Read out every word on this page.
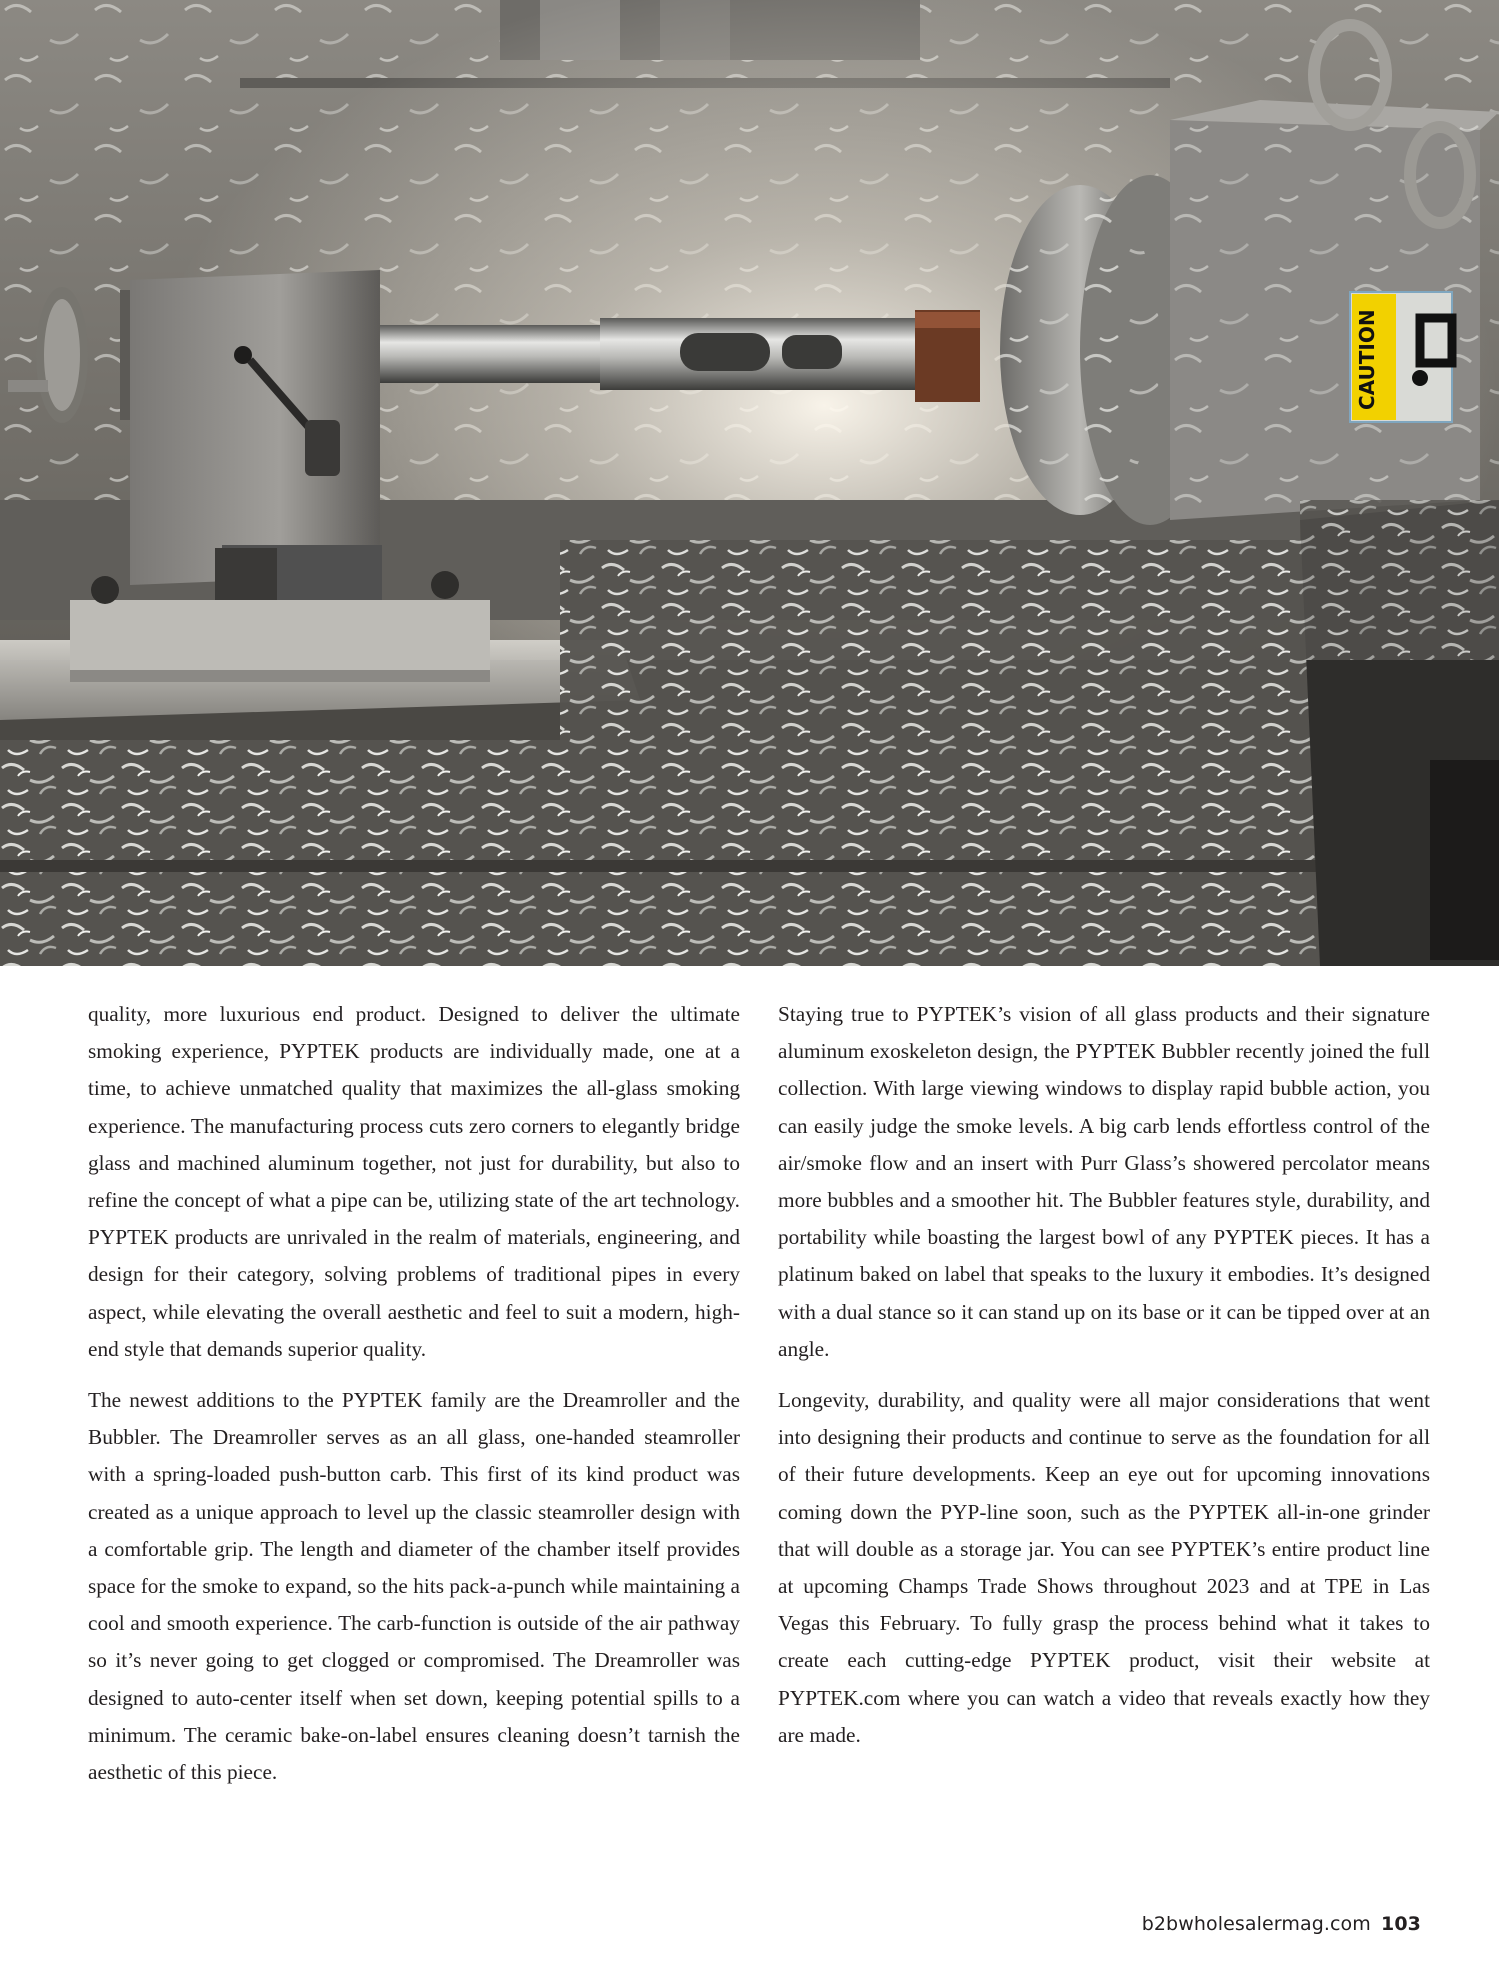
CAUTION

quality, more luxurious end product. Designed to deliver the ultimate smoking experience, PYPTEK products are individually made, one at a time, to achieve unmatched quality that maximizes the all-glass smoking experience. The manufacturing process cuts zero corners to elegantly bridge glass and machined aluminum together, not just for durability, but also to refine the concept of what a pipe can be, utilizing state of the art technology. PYPTEK products are unrivaled in the realm of materials, engineering, and design for their category, solving problems of traditional pipes in every aspect, while elevating the overall aesthetic and feel to suit a modern, high-end style that demands superior quality.

The newest additions to the PYPTEK family are the Dreamroller and the Bubbler. The Dreamroller serves as an all glass, one-handed steamroller with a spring-loaded push-button carb. This first of its kind product was created as a unique approach to level up the classic steamroller design with a comfortable grip. The length and diameter of the chamber itself provides space for the smoke to expand, so the hits pack-a-punch while maintaining a cool and smooth experience. The carb-function is outside of the air pathway so it’s never going to get clogged or compromised. The Dreamroller was designed to auto-center itself when set down, keeping potential spills to a minimum. The ceramic bake-on-label ensures cleaning doesn’t tarnish the aesthetic of this piece.

Staying true to PYPTEK’s vision of all glass products and their signature aluminum exoskeleton design, the PYPTEK Bubbler recently joined the full collection. With large viewing windows to display rapid bubble action, you can easily judge the smoke levels. A big carb lends effortless control of the air/smoke flow and an insert with Purr Glass’s showered percolator means more bubbles and a smoother hit. The Bubbler features style, durability, and portability while boasting the largest bowl of any PYPTEK pieces. It has a platinum baked on label that speaks to the luxury it embodies. It’s designed with a dual stance so it can stand up on its base or it can be tipped over at an angle.

Longevity, durability, and quality were all major considerations that went into designing their products and continue to serve as the foundation for all of their future developments. Keep an eye out for upcoming innovations coming down the PYP-line soon, such as the PYPTEK all-in-one grinder that will double as a storage jar. You can see PYPTEK’s entire product line at upcoming Champs Trade Shows throughout 2023 and at TPE in Las Vegas this February. To fully grasp the process behind what it takes to create each cutting-edge PYPTEK product, visit their website at PYPTEK.com where you can watch a video that reveals exactly how they are made.

b2bwholesalermag.com 103
